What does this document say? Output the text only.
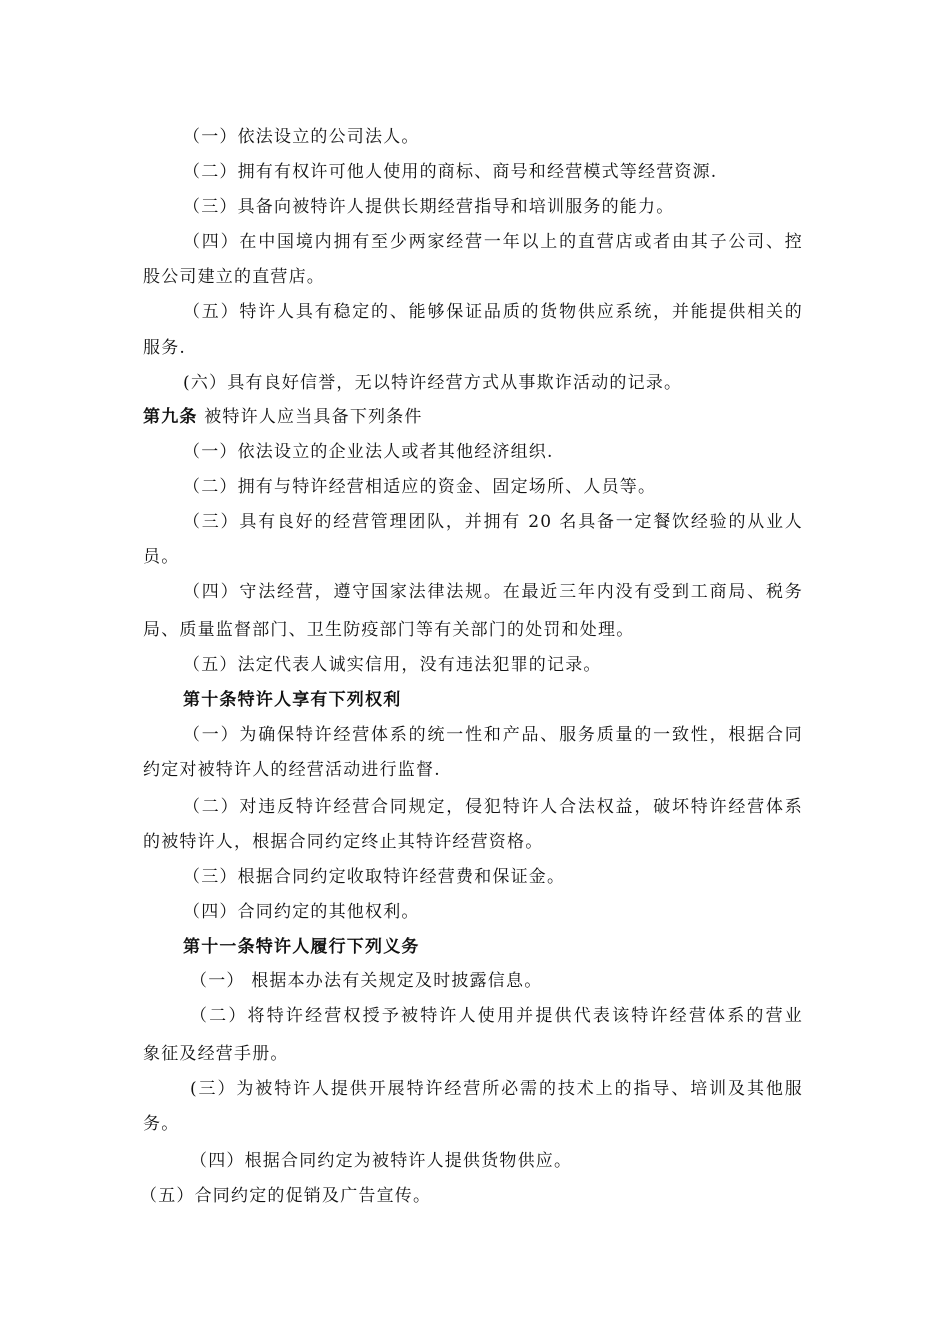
（一）依法设立的公司法人。
（二）拥有有权许可他人使用的商标、商号和经营模式等经营资源.
（三）具备向被特许人提供长期经营指导和培训服务的能力。
（四）在中国境内拥有至少两家经营一年以上的直营店或者由其子公司、控
股公司建立的直营店。
（五）特许人具有稳定的、能够保证品质的货物供应系统，并能提供相关的
服务.
(六）具有良好信誉，无以特许经营方式从事欺诈活动的记录。
第九条 被特许人应当具备下列条件
（一）依法设立的企业法人或者其他经济组织.
（二）拥有与特许经营相适应的资金、固定场所、人员等。
（三）具有良好的经营管理团队，并拥有 20 名具备一定餐饮经验的从业人
员。
（四）守法经营，遵守国家法律法规。在最近三年内没有受到工商局、税务
局、质量监督部门、卫生防疫部门等有关部门的处罚和处理。
（五）法定代表人诚实信用，没有违法犯罪的记录。
第十条特许人享有下列权利
（一）为确保特许经营体系的统一性和产品、服务质量的一致性，根据合同
约定对被特许人的经营活动进行监督.
（二）对违反特许经营合同规定，侵犯特许人合法权益，破坏特许经营体系
的被特许人，根据合同约定终止其特许经营资格。
（三）根据合同约定收取特许经营费和保证金。
（四）合同约定的其他权利。
第十一条特许人履行下列义务
（一） 根据本办法有关规定及时披露信息。
（二）将特许经营权授予被特许人使用并提供代表该特许经营体系的营业
象征及经营手册。
(三）为被特许人提供开展特许经营所必需的技术上的指导、培训及其他服
务。
（四）根据合同约定为被特许人提供货物供应。
（五）合同约定的促销及广告宣传。
